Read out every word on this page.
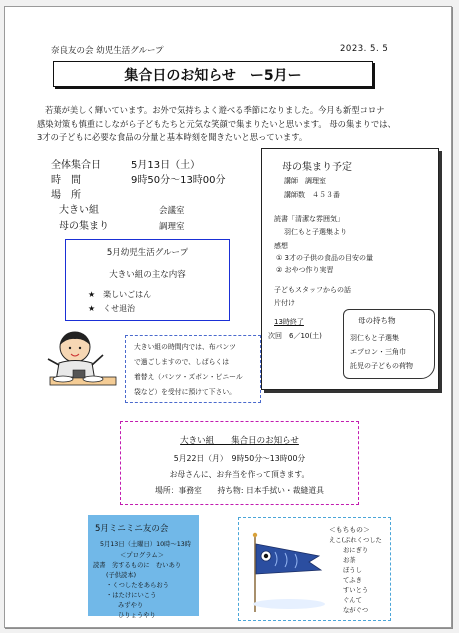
奈良友の会 幼児生活グループ	2023. 5. 5
集合日のお知らせ　ー5月ー
若葉が美しく輝いています。お外で気持ちよく遊べる季節になりました。今月も新型コロナ
感染対策も慎重にしながら子どもたちと元気な笑顔で集まりたいと思います。 母の集まりでは、
3才の子どもに必要な食品の分量と基本時刻を聞きたいと思っています。
全体集合日	5月13日（土）
時　間	9時50分〜13時00分
場　所
大きい組	会議室
母の集まり	調理室
5月幼児生活グループ
大きい組の主な内容
★　楽しいごはん
★　くせ退治
大きい組の時間内では、布パンツ
で過ごしますので、しばらくは
着替え（パンツ・ズボン・ビニール
袋など）を受付に預けて下さい。
母の集まり予定
講師　調理室
講師数　４５３番
読書「清潔な雰囲気」
羽仁もと子選集より
感想
① 3才の子供の食品の目安の量
② おやつ作り実習
子どもスタッフからの話
片付け
13時終了
次回　6／10(土)
母の持ち物
羽仁もと子選集
エプロン・三角巾
託児の子どもの荷物
大きい組　　集合日のお知らせ
5月22日（月）　9時50分〜13時00分
お母さんに、お弁当を作って頂きます。
場所：事務室　　持ち物: 日本手拭い・裁縫道具
5月ミニミニ友の会
5月13日（土曜日）10時〜13時
＜プログラム＞
読書　劣するものに　むいあり
(子供読本)
・くつしたをあらおう
・はたけにいこう
みずやり
ひりょうやり
＜もちもの＞
えこ(ぷれくつした
おにぎり
お茶
ぼうし
てふき
すいとう
ぐんて
ながぐつ
